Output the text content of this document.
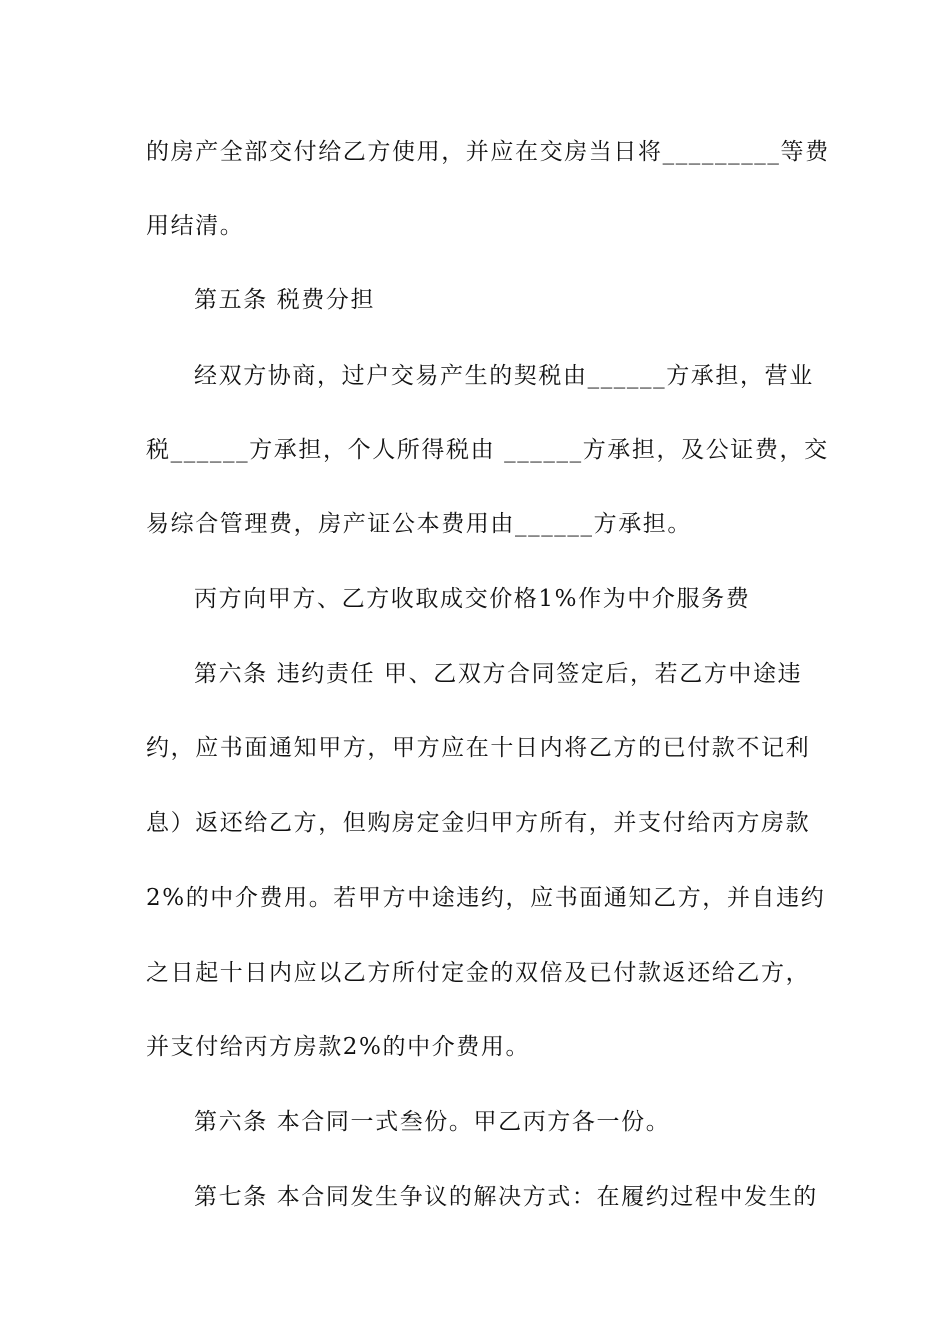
的房产全部交付给乙方使用，并应在交房当日将_________等费
用结清。
第五条 税费分担
经双方协商，过户交易产生的契税由______方承担，营业
税______方承担，个人所得税由 ______方承担，及公证费，交
易综合管理费，房产证公本费用由______方承担。
丙方向甲方、乙方收取成交价格1%作为中介服务费
第六条 违约责任 甲、乙双方合同签定后，若乙方中途违
约，应书面通知甲方，甲方应在十日内将乙方的已付款不记利
息）返还给乙方，但购房定金归甲方所有，并支付给丙方房款
2%的中介费用。若甲方中途违约，应书面通知乙方，并自违约
之日起十日内应以乙方所付定金的双倍及已付款返还给乙方，
并支付给丙方房款2%的中介费用。
第六条 本合同一式叁份。甲乙丙方各一份。
第七条 本合同发生争议的解决方式：在履约过程中发生的
